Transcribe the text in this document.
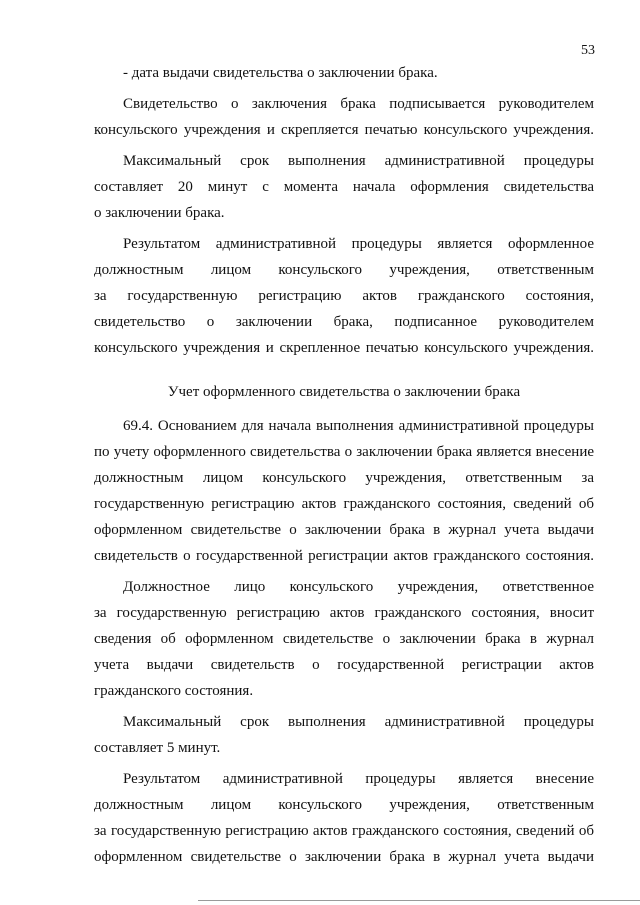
53

- дата выдачи свидетельства о заключении брака.

Свидетельство о заключения брака подписывается руководителем

консульского учреждения и скрепляется печатью консульского учреждения.

Максимальный срок выполнения административной процедуры

составляет 20 минут с момента начала оформления свидетельства

о заключении брака.

Результатом административной процедуры является оформленное

должностным лицом консульского учреждения, ответственным

за государственную регистрацию актов гражданского состояния,

свидетельство о заключении брака, подписанное руководителем

консульского учреждения и скрепленное печатью консульского учреждения.

Учет оформленного свидетельства о заключении брака

69.4. Основанием для начала выполнения административной процедуры

по учету оформленного свидетельства о заключении брака является внесение

должностным лицом консульского учреждения, ответственным за

государственную регистрацию актов гражданского состояния, сведений об

оформленном свидетельстве о заключении брака в журнал учета выдачи

свидетельств о государственной регистрации актов гражданского состояния.

Должностное лицо консульского учреждения, ответственное

за государственную регистрацию актов гражданского состояния, вносит

сведения об оформленном свидетельстве о заключении брака в журнал

учета выдачи свидетельств о государственной регистрации актов

гражданского состояния.

Максимальный срок выполнения административной процедуры

составляет 5 минут.

Результатом административной процедуры является внесение

должностным лицом консульского учреждения, ответственным

за государственную регистрацию актов гражданского состояния, сведений об

оформленном свидетельстве о заключении брака в журнал учета выдачи
